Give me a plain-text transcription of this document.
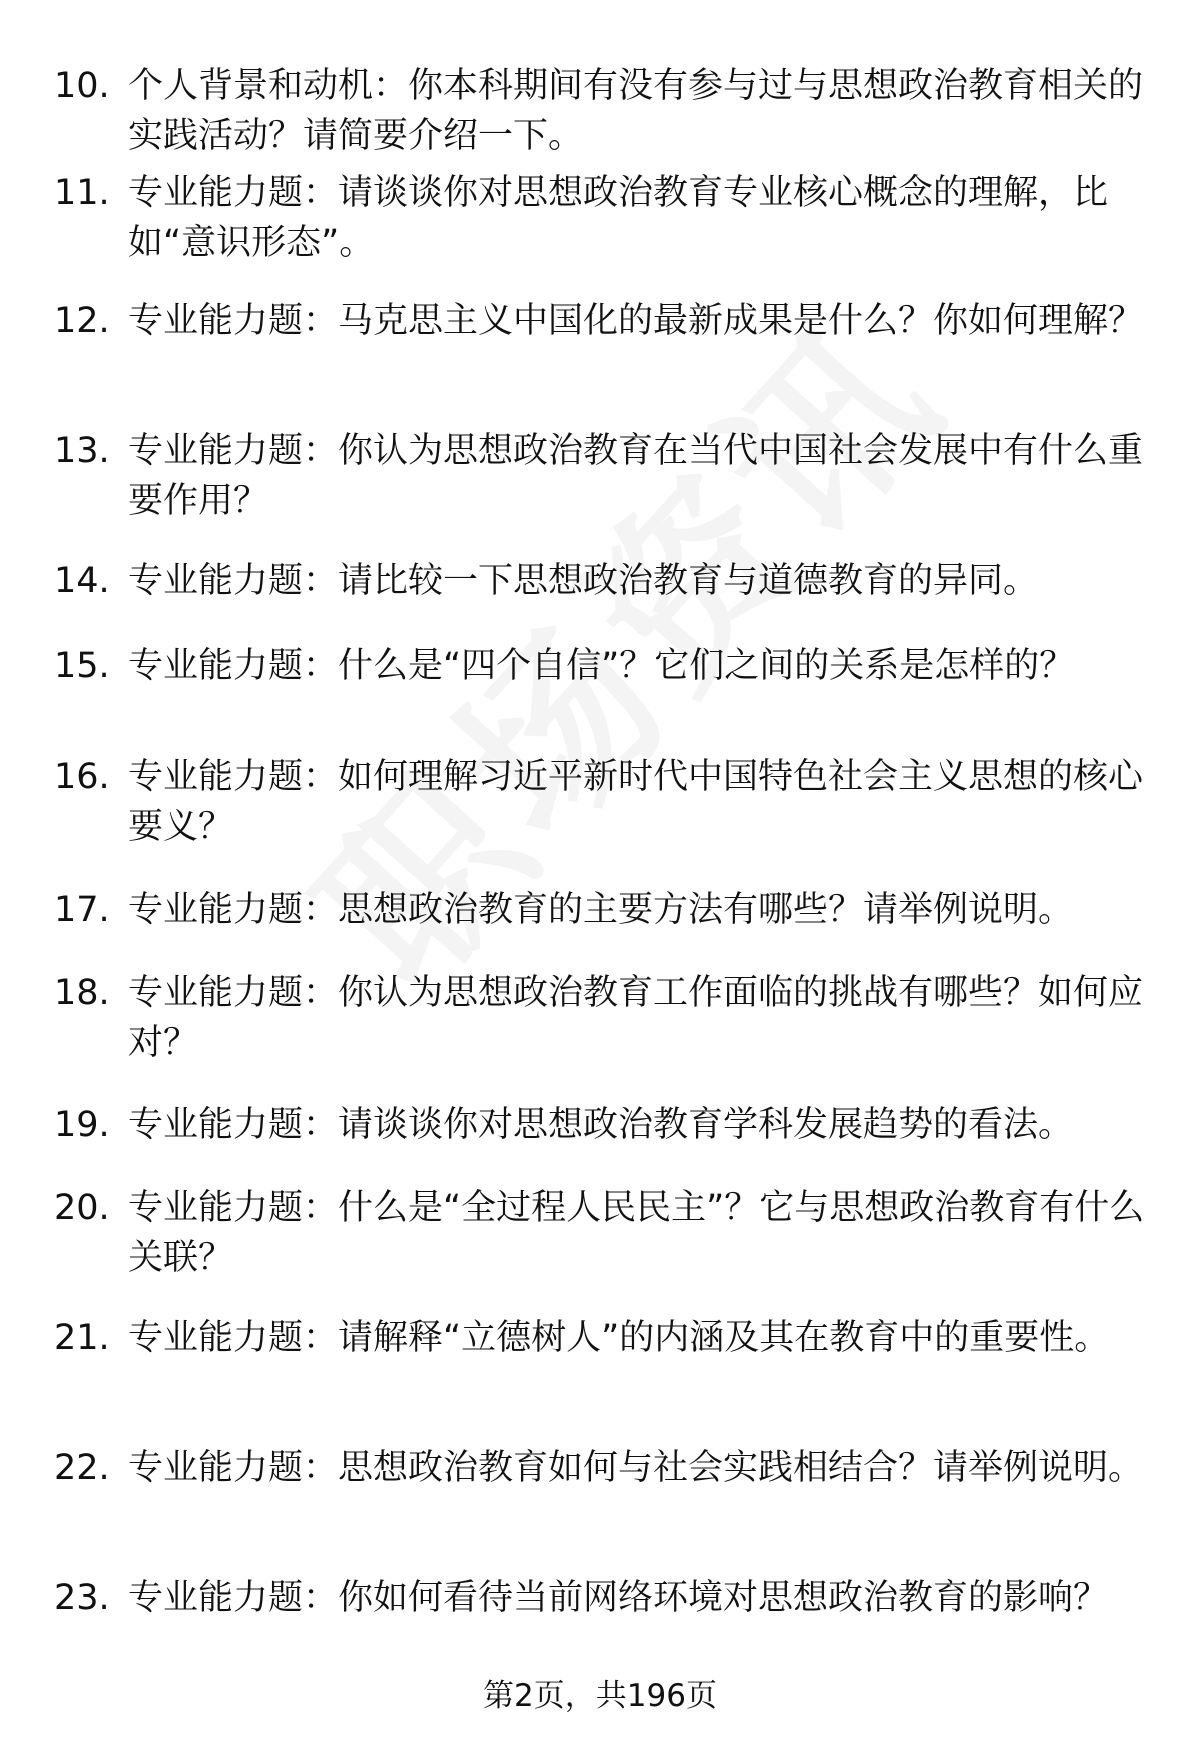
10. 个人背景和动机：你本科期间有没有参与过与思想政治教育相关的实践活动？请简要介绍一下。
11. 专业能力题：请谈谈你对思想政治教育专业核心概念的理解，比如“意识形态”。
12. 专业能力题：马克思主义中国化的最新成果是什么？你如何理解？
13. 专业能力题：你认为思想政治教育在当代中国社会发展中有什么重要作用？
14. 专业能力题：请比较一下思想政治教育与道德教育的异同。
15. 专业能力题：什么是“四个自信”？它们之间的关系是怎样的？
16. 专业能力题：如何理解习近平新时代中国特色社会主义思想的核心要义？
17. 专业能力题：思想政治教育的主要方法有哪些？请举例说明。
18. 专业能力题：你认为思想政治教育工作面临的挑战有哪些？如何应对？
19. 专业能力题：请谈谈你对思想政治教育学科发展趋势的看法。
20. 专业能力题：什么是“全过程人民民主”？它与思想政治教育有什么关联？
21. 专业能力题：请解释“立德树人”的内涵及其在教育中的重要性。
22. 专业能力题：思想政治教育如何与社会实践相结合？请举例说明。
23. 专业能力题：你如何看待当前网络环境对思想政治教育的影响？
第2页，共196页
